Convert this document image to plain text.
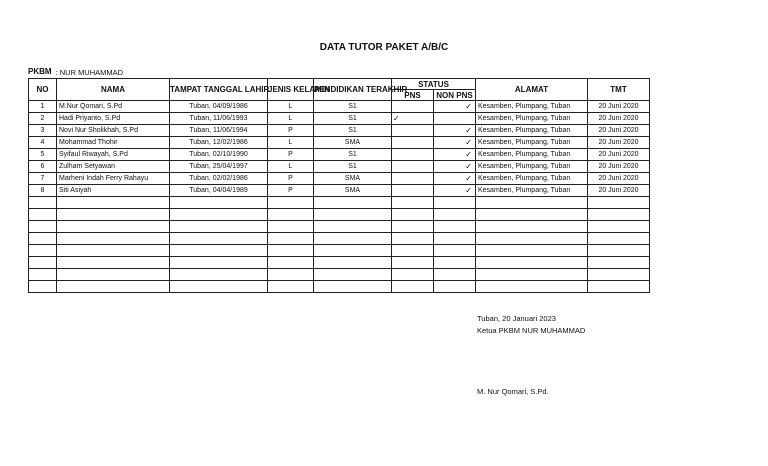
DATA TUTOR PAKET A/B/C
PKBM : NUR MUHAMMAD
NO	NAMA	TAMPAT TANGGAL LAHIR	JENIS KELAMIN	PENDIDIKAN TERAKHIR	STATUS		ALAMAT	TMT
					PNS	NON PNS		
1	M.Nur Qomari, S.Pd	Tuban, 04/09/1986	L	S1		✓	Kesamben, Plumpang, Tuban	20 Juni 2020
2	Hadi Priyanto, S.Pd	Tuban, 11/06/1993	L	S1	✓		Kesamben, Plumpang, Tuban	20 Juni 2020
3	Novi Nur Sholikhah, S.Pd	Tuban, 11/06/1994	P	S1		✓	Kesamben, Plumpang, Tuban	20 Juni 2020
4	Mohammad Thohir	Tuban, 12/02/1986	L	SMA		✓	Kesamben, Plumpang, Tuban	20 Juni 2020
5	Syifaul Riwayah, S.Pd	Tuban, 02/10/1990	P	S1		✓	Kesamben, Plumpang, Tuban	20 Juni 2020
6	Zulham Setyawan	Tuban, 25/04/1997	L	S1		✓	Kesamben, Plumpang, Tuban	20 Juni 2020
7	Marheni Indah Ferry Rahayu	Tuban, 02/02/1986	P	SMA		✓	Kesamben, Plumpang, Tuban	20 Juni 2020
8	Siti Asiyah	Tuban, 04/04/1989	P	SMA		✓	Kesamben, Plumpang, Tuban	20 Juni 2020

Tuban, 20 Januari 2023
Ketua PKBM NUR MUHAMMAD
M. Nur Qomari, S.Pd.
